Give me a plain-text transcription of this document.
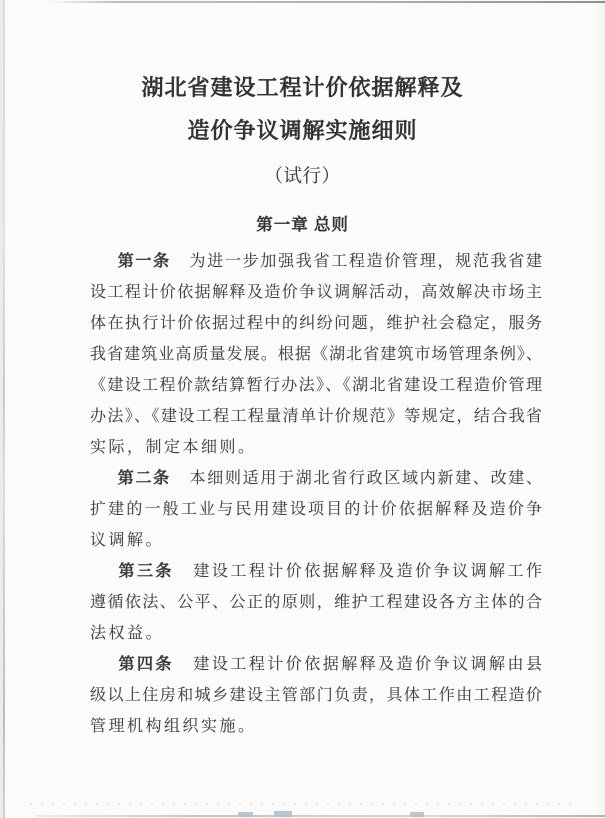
湖北省建设工程计价依据解释及
造价争议调解实施细则
（试行）
第一章 总则
第一条 为进一步加强我省工程造价管理，规范我省建
设工程计价依据解释及造价争议调解活动，高效解决市场主
体在执行计价依据过程中的纠纷问题，维护社会稳定，服务
我省建筑业高质量发展。根据《湖北省建筑市场管理条例》、
《建设工程价款结算暂行办法》、《湖北省建设工程造价管理
办法》、《建设工程工程量清单计价规范》等规定，结合我省
实际，制定本细则。
第二条 本细则适用于湖北省行政区域内新建、改建、
扩建的一般工业与民用建设项目的计价依据解释及造价争
议调解。
第三条 建设工程计价依据解释及造价争议调解工作
遵循依法、公平、公正的原则，维护工程建设各方主体的合
法权益。
第四条 建设工程计价依据解释及造价争议调解由县
级以上住房和城乡建设主管部门负责，具体工作由工程造价
管理机构组织实施。
